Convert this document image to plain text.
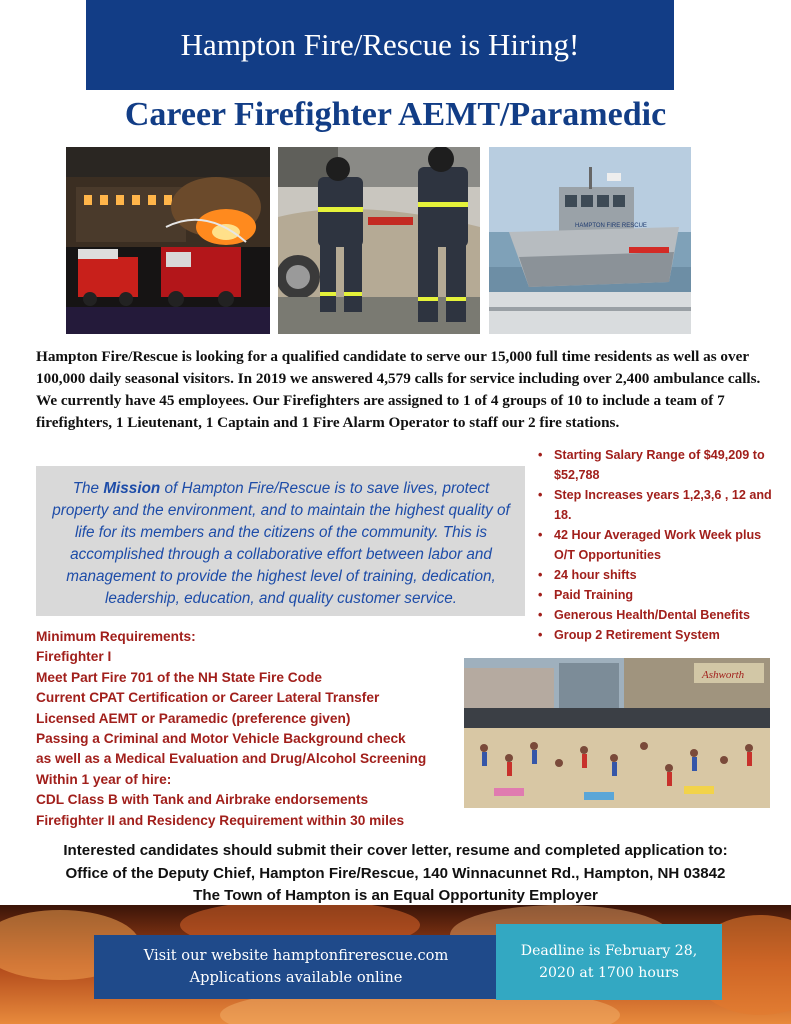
Hampton Fire/Rescue is Hiring!
Career Firefighter AEMT/Paramedic
HAMPTON FIRE RESCUE
Hampton Fire/Rescue is looking for a qualified candidate to serve our 15,000 full time residents as well as over 100,000 daily seasonal visitors. In 2019 we answered 4,579 calls for service including over 2,400 ambulance calls. We currently have 45 employees. Our Firefighters are assigned to 1 of 4 groups of 10 to include a team of 7 firefighters, 1 Lieutenant, 1 Captain and 1 Fire Alarm Operator to staff our 2 fire stations.
The Mission of Hampton Fire/Rescue is to save lives, protect property and the environment, and to maintain the highest quality of life for its members and the citizens of the community. This is accomplished through a collaborative effort between labor and management to provide the highest level of training, dedication, leadership, education, and quality customer service.
• Starting Salary Range of $49,209 to $52,788
• Step Increases years 1,2,3,6 , 12 and 18.
• 42 Hour Averaged Work Week plus O/T Opportunities
• 24 hour shifts
• Paid Training
• Generous Health/Dental Benefits
• Group 2 Retirement System
Minimum Requirements:
Firefighter I
Meet Part Fire 701 of the NH State Fire Code
Current CPAT Certification or Career Lateral Transfer
Licensed AEMT or Paramedic (preference given)
Passing a Criminal and Motor Vehicle Background check
as well as a Medical Evaluation and Drug/Alcohol Screening
Within 1 year of hire:
CDL Class B with Tank and Airbrake endorsements
Firefighter II and Residency Requirement within 30 miles
Ashworth
Interested candidates should submit their cover letter, resume and completed application to:
Office of the Deputy Chief, Hampton Fire/Rescue, 140 Winnacunnet Rd., Hampton, NH 03842
The Town of Hampton is an Equal Opportunity Employer
Visit our website hamptonfirerescue.com
Applications available online
Deadline is February 28,
2020 at 1700 hours
